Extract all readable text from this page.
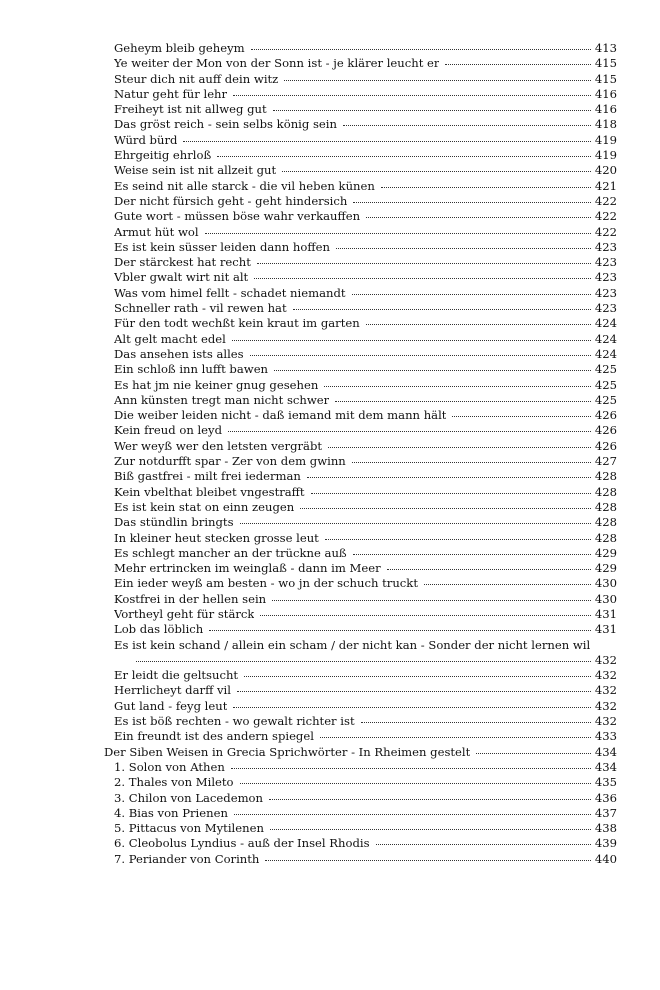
Geheym bleib geheym	413
Ye weiter der Mon von der Sonn ist - je klärer leucht er	415
Steur dich nit auff dein witz	415
Natur geht für lehr	416
Freiheyt ist nit allweg gut	416
Das gröst reich - sein selbs könig sein	418
Würd bürd	419
Ehrgeitig ehrloß	419
Weise sein ist nit allzeit gut	420
Es seind nit alle starck - die vil heben künen	421
Der nicht fürsich geht - geht hindersich	422
Gute wort - müssen böse wahr verkauffen	422
Armut hüt wol	422
Es ist kein süsser leiden dann hoffen	423
Der stärckest hat recht	423
Vbler gwalt wirt nit alt	423
Was vom himel fellt - schadet niemandt	423
Schneller rath - vil rewen hat	423
Für den todt wechßt kein kraut im garten	424
Alt gelt macht edel	424
Das ansehen ists alles	424
Ein schloß inn lufft bawen	425
Es hat jm nie keiner gnug gesehen	425
Ann künsten tregt man nicht schwer	425
Die weiber leiden nicht - daß iemand mit dem mann hält	426
Kein freud on leyd	426
Wer weyß wer den letsten vergräbt	426
Zur notdurfft spar - Zer von dem gwinn	427
Biß gastfrei - milt frei iederman	428
Kein vbelthat bleibet vngestrafft	428
Es ist kein stat on einn zeugen	428
Das stündlin bringts	428
In kleiner heut stecken grosse leut	428
Es schlegt mancher an der trückne auß	429
Mehr ertrincken im weinglaß - dann im Meer	429
Ein ieder weyß am besten - wo jn der schuch truckt	430
Kostfrei in der hellen sein	430
Vortheyl geht für stärck	431
Lob das löblich	431
Es ist kein schand / allein ein scham / der nicht kan - Sonder der nicht lernen wil
432
Er leidt die geltsucht	432
Herrlicheyt darff vil	432
Gut land - feyg leut	432
Es ist böß rechten - wo gewalt richter ist	432
Ein freundt ist des andern spiegel	433
Der Siben Weisen in Grecia Sprichwörter - In Rheimen gestelt	434
1. Solon von Athen	434
2. Thales von Mileto	435
3. Chilon von Lacedemon	436
4. Bias von Prienen	437
5. Pittacus von Mytilenen	438
6. Cleobolus Lyndius - auß der Insel Rhodis	439
7. Periander von Corinth	440
